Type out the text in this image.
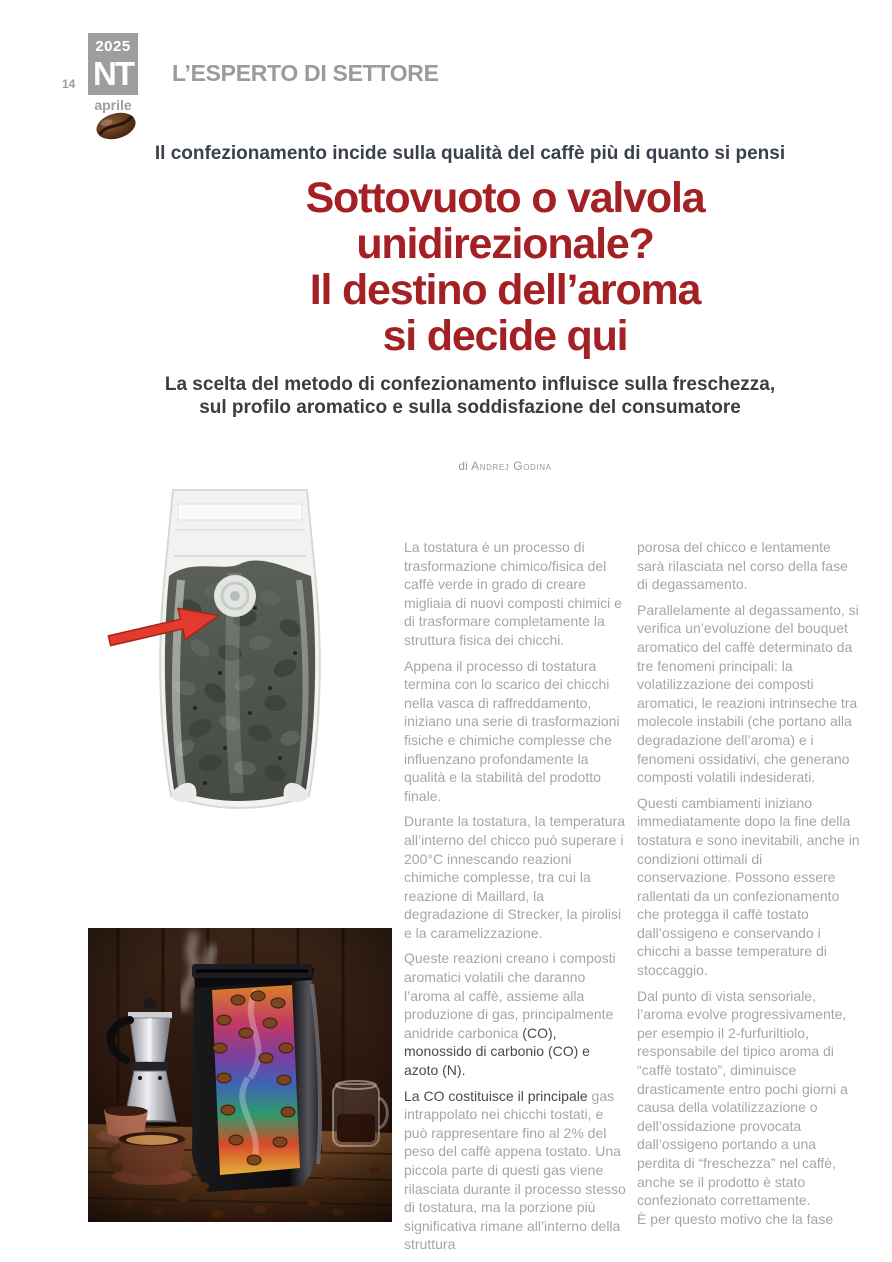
14
2025
NT
aprile
L’ESPERTO DI SETTORE

Il confezionamento incide sulla qualità del caffè più di quanto si pensi

Sottovuoto o valvola
unidirezionale?
Il destino dell’aroma
si decide qui

La scelta del metodo di confezionamento influisce sulla freschezza,
sul profilo aromatico e sulla soddisfazione del consumatore

di Andrej Godina

La tostatura è un processo di trasformazione chimico/fisica del caffè verde in grado di creare migliaia di nuovi composti chimici e di trasformare completamente la struttura fisica dei chicchi.

Appena il processo di tostatura termina con lo scarico dei chicchi nella vasca di raffreddamento, iniziano una serie di trasformazioni fisiche e chimiche complesse che influenzano profondamente la qualità e la stabilità del prodotto finale.

Durante la tostatura, la temperatura all’interno del chicco può superare i 200°C innescando reazioni chimiche complesse, tra cui la reazione di Maillard, la degradazione di Strecker, la pirolisi e la caramelizzazione.

Queste reazioni creano i composti aromatici volatili che daranno l’aroma al caffè, assieme alla produzione di gas, principalmente anidride carbonica (CO), monossido di carbonio (CO) e azoto (N).

La CO costituisce il principale gas intrappolato nei chicchi tostati, e può rappresentare fino al 2% del peso del caffè appena tostato. Una piccola parte di questi gas viene rilasciata durante il processo stesso di tostatura, ma la porzione più significativa rimane all’interno della struttura

porosa del chicco e lentamente sarà rilasciata nel corso della fase di degassamento.

Parallelamente al degassamento, si verifica un’evoluzione del bouquet aromatico del caffè determinato da tre fenomeni principali: la volatilizzazione dei composti aromatici, le reazioni intrinseche tra molecole instabili (che portano alla degradazione dell’aroma) e i fenomeni ossidativi, che generano composti volatili indesiderati.

Questi cambiamenti iniziano immediatamente dopo la fine della tostatura e sono inevitabili, anche in condizioni ottimali di conservazione. Possono essere rallentati da un confezionamento che protegga il caffè tostato dall’ossigeno e conservando i chicchi a basse temperature di stoccaggio.

Dal punto di vista sensoriale, l’aroma evolve progressivamente, per esempio il 2-furfuriltiolo, responsabile del tipico aroma di “caffè tostato”, diminuisce drasticamente entro pochi giorni a causa della volatilizzazione o dell’ossidazione provocata dall’ossigeno portando a una perdita di “freschezza” nel caffè, anche se il prodotto è stato confezionato correttamente.

È per questo motivo che la fase
